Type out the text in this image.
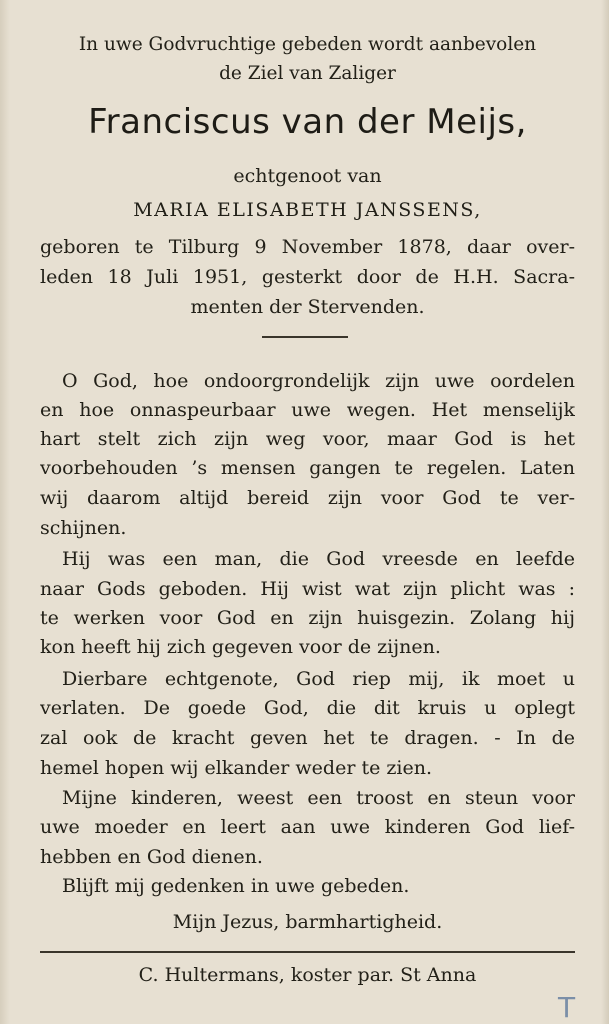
In uwe Godvruchtige gebeden wordt aanbevolen
de Ziel van Zaliger
Franciscus van der Meijs,
echtgenoot van
MARIA ELISABETH JANSSENS,
geboren te Tilburg 9 November 1878, daar over-
leden 18 Juli 1951, gesterkt door de H.H. Sacra-
menten der Stervenden.
O God, hoe ondoorgrondelijk zijn uwe oordelen
en hoe onnaspeurbaar uwe wegen. Het menselijk
hart stelt zich zijn weg voor, maar God is het
voorbehouden ’s mensen gangen te regelen. Laten
wij daarom altijd bereid zijn voor God te ver-
schijnen.
Hij was een man, die God vreesde en leefde
naar Gods geboden. Hij wist wat zijn plicht was :
te werken voor God en zijn huisgezin. Zolang hij
kon heeft hij zich gegeven voor de zijnen.
Dierbare echtgenote, God riep mij, ik moet u
verlaten. De goede God, die dit kruis u oplegt
zal ook de kracht geven het te dragen. - In de
hemel hopen wij elkander weder te zien.
Mijne kinderen, weest een troost en steun voor
uwe moeder en leert aan uwe kinderen God lief-
hebben en God dienen.
Blijft mij gedenken in uwe gebeden.
Mijn Jezus, barmhartigheid.
C. Hultermans, koster par. St Anna
T
